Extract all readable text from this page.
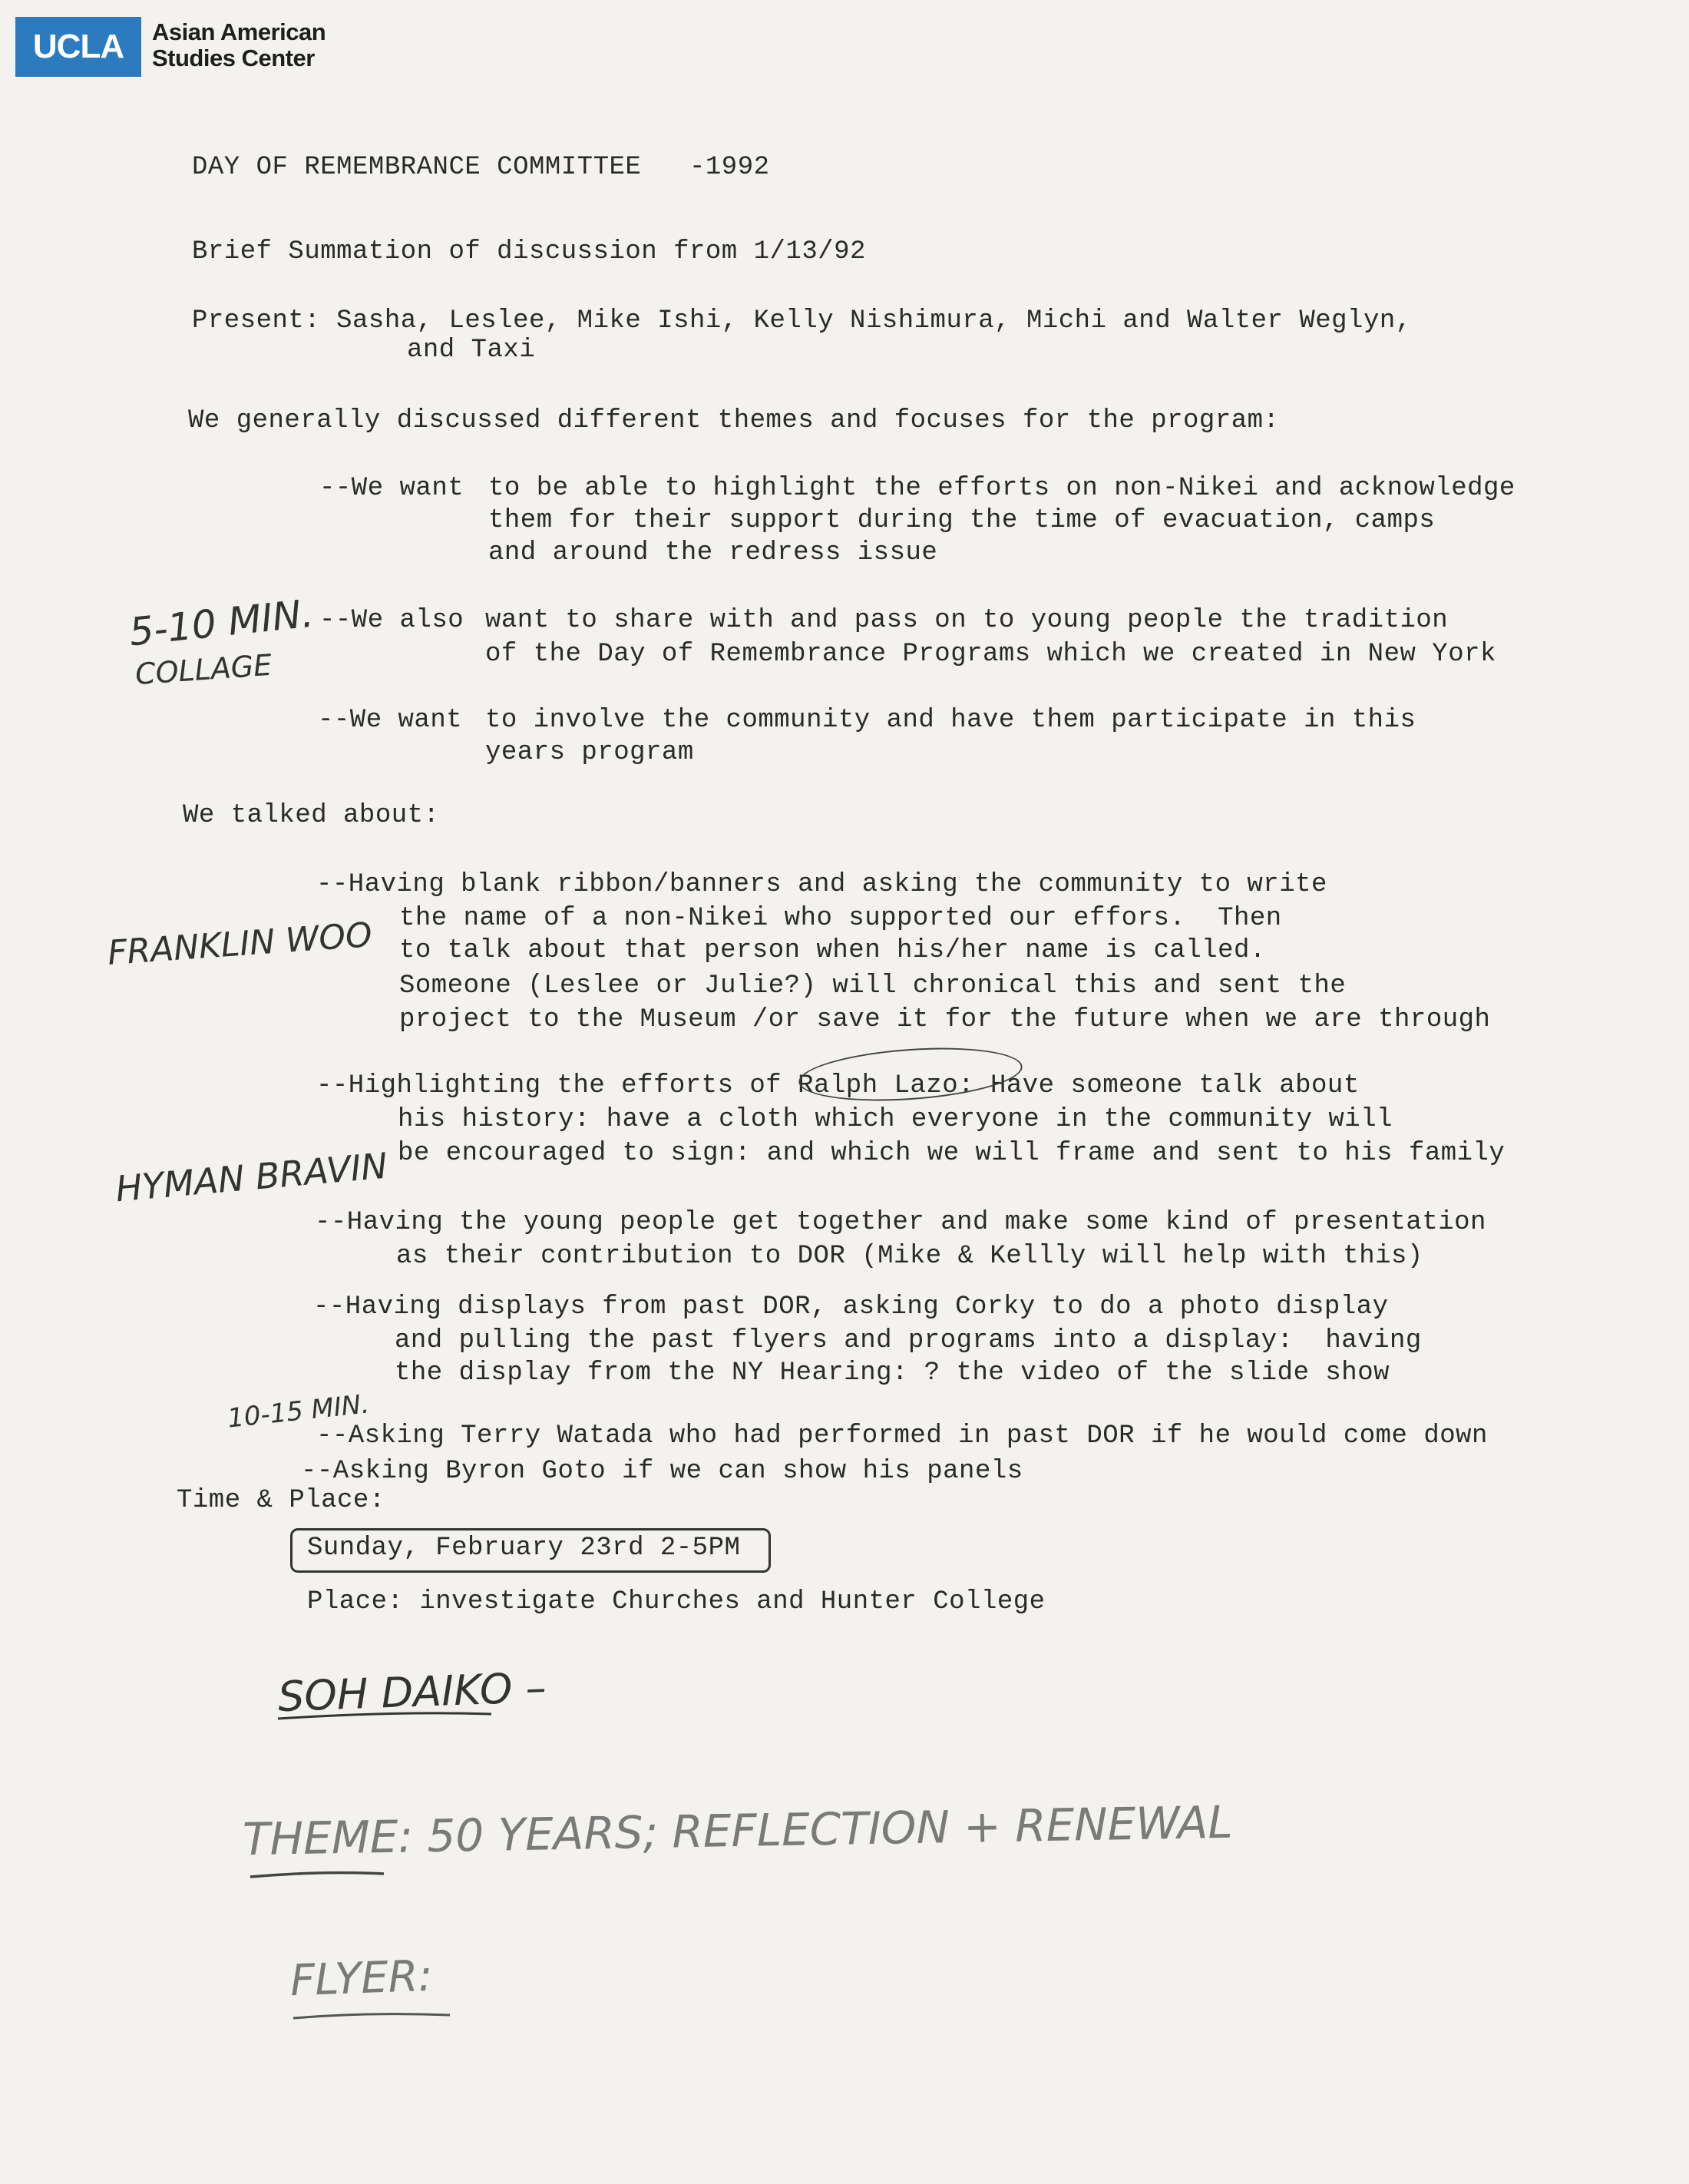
UCLA	Asian American
Studies Center
DAY OF REMEMBRANCE COMMITTEE   -1992
Brief Summation of discussion from 1/13/92
Present: Sasha, Leslee, Mike Ishi, Kelly Nishimura, Michi and Walter Weglyn,
and Taxi
We generally discussed different themes and focuses for the program:
--We want to be able to highlight the efforts on non-Nikei and acknowledge
them for their support during the time of evacuation, camps
and around the redress issue
--We also want to share with and pass on to young people the tradition
of the Day of Remembrance Programs which we created in New York
--We want to involve the community and have them participate in this
years program
We talked about:
--Having blank ribbon/banners and asking the community to write
the name of a non-Nikei who supported our effors.  Then
to talk about that person when his/her name is called.
Someone (Leslee or Julie?) will chronical this and sent the
project to the Museum /or save it for the future when we are through
--Highlighting the efforts of Ralph Lazo: Have someone talk about
his history: have a cloth which everyone in the community will
be encouraged to sign: and which we will frame and sent to his family
--Having the young people get together and make some kind of presentation
as their contribution to DOR (Mike & Kellly will help with this)
--Having displays from past DOR, asking Corky to do a photo display
and pulling the past flyers and programs into a display:  having
the display from the NY Hearing: ? the video of the slide show
--Asking Terry Watada who had performed in past DOR if he would come down
--Asking Byron Goto if we can show his panels
Time & Place:
Sunday, February 23rd 2-5PM
Place: investigate Churches and Hunter College
5-10 MIN.
COLLAGE
FRANKLIN WOO
HYMAN BRAVIN
10-15 MIN.
SOH DAIKO –
THEME: 50 YEARS; REFLECTION + RENEWAL
FLYER:
